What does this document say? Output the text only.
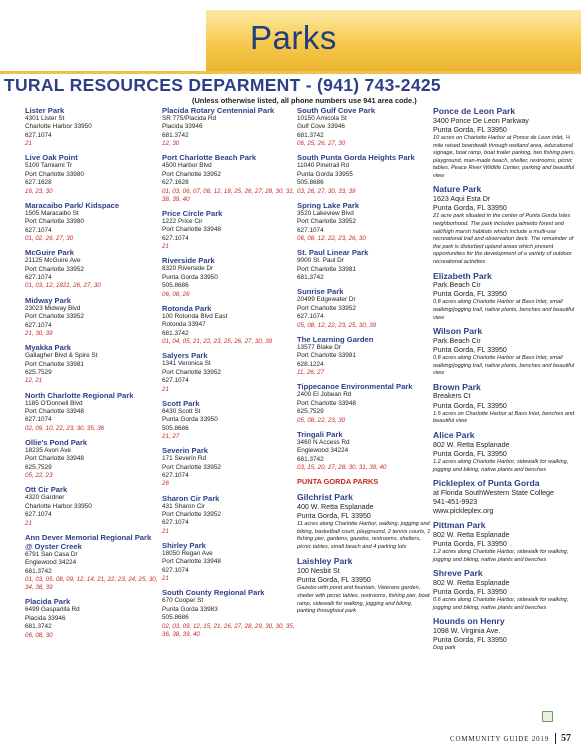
Parks
TURAL RESOURCES DEPARMENT - (941) 743-2425
(Unless otherwise listed, all phone numbers use 941 area code.)
Lister Park
4301 Lister St
Charlotte Harbor 33950
627.1074
21
Live Oak Point
5100 Tamiami Tr
Port Charlotte 33980
627.1628
16, 23, 30
Maracaibo Park/ Kidspace
1505 Maracaibo St
Port Charlotte 33980
627.1074
01, 02, 26, 27, 30
McGuire Park
21125 McGuire Ave
Port Charlotte 33952
627.1074
01, 03, 12, 1821, 26, 27, 30
Midway Park
23023 Midway Blvd
Port Charlotte 33952
627.1074
21, 30, 39
Myakka Park
Gallagher Blvd & Spire St
Port Charlotte 33981
625.7529
12, 21
North Charlotte Regional Park
1185 O'Donnell Blvd
Port Charlotte 33948
627.1074
02, 09, 10, 22, 23, 30, 35, 36
Ollie's Pond Park
18235 Avon Ave
Port Charlotte 33948
625.7529
05, 22, 23
Ott Cir Park
4320 Gardner
Charlotte Harbor 33950
627.1074
21
Ann Dever Memorial Regional Park @ Oyster Creek
6791 San Casa Dr
Englewood 34224
681.3742
01, 03, 05, 08, 09, 12, 14, 21, 22, 23, 24, 25, 30, 34, 38, 39
Placida Park
6499 Gasparilla Rd
Placida 33946
681.3742
06, 08, 30
Placida Rotary Centennial Park
SR 775/Placida Rd
Placida 33946
681.3742
12, 30
Port Charlotte Beach Park
4500 Harbor Blvd
Port Charlotte 33952
627.1628
01, 03, 06, 07, 08, 12, 18, 25, 26, 27, 28, 30, 31, 38, 39, 40
Price Circle Park
1222 Price Cir
Port Charlotte 33948
627.1074
21
Riverside Park
8320 Riverside Dr
Punta Gorda 33950
505.8686
06, 08, 26
Rotonda Park
100 Rotonda Blvd East
Rotonda 33947
681.3742
01, 04, 05, 21, 22, 23, 25, 26, 27, 30, 39
Salyers Park
1341 Veronica St
Port Charlotte 33952
627.1074
21
Scott Park
6430 Scott St
Punta Gorda 33950
505.8686
21, 27
Severin Park
171 Severin Rd
Port Charlotte 33952
627.1074
26
Sharon Cir Park
431 Sharon Cir
Port Charlotte 33952
627.1074
21
Shirley Park
18050 Regan Ave
Port Charlotte 33948
627.1074
21
South County Regional Park
670 Cooper St
Punta Gorda 33983
505.8686
02, 03, 09, 12, 15, 21, 26, 27, 28, 29, 30, 30, 35, 36, 38, 39, 40
South Gulf Cove Park
10150 Amicola St
Gulf Cove 33946
681.3742
06, 25, 26, 27, 30
South Punta Gorda Heights Park
11040 Pinetrail Rd
Punta Gorda 33955
505.8686
03, 26, 27, 30, 33, 39
Spring Lake Park
3520 Lakeview Blvd
Port Charlotte 33952
627.1074
06, 08, 12, 22, 23, 26, 30
St. Paul Linear Park
9000 St. Paul Dr
Port Charlotte 33981
681.3742
Sunrise Park
20499 Edgewater Dr
Port Charlotte 33952
627.1074
05, 08, 12, 22, 23, 25, 30, 39
The Learning Garden
13577 Blake Dr
Port Charlotte 33981
628.1224
11, 26, 27
Tippecanoe Environmental Park
2400 El Jobean Rd
Port Charlotte 33948
625.7529
05, 08, 22, 23, 30
Tringali Park
3460 N Access Rd
Englewood 34224
681.3742
03, 15, 20, 27, 28, 30, 31, 39, 40
PUNTA GORDA PARKS
Gilchrist Park
400 W. Retta Esplanade
Punta Gorda, FL 33950
11 acres along Charlotte Harbor, walking, jogging and biking, basketball court, playground, 2 tennis courts, 1 fishing pier, gardens, gazebo, restrooms, shelters, picnic tables, small beach and 4 parking lots
Laishley Park
100 Nesbit St
Punta Gorda, FL 33950
Gazebo with pond and fountain, Veterans garden, shelter with picnic tables, restrooms, fishing pier, boat ramp, sidewalk for walking, jogging and biking, parking throughout park
Ponce de Leon Park
3400 Ponce De Leon Parkway
Punta Gorda, FL 33950
10 acres on Charlotte Harbor at Ponce de Leon inlet, ¼ mile raised boardwalk through wetland area, educational signage, boat ramp, boat trailer parking, two fishing piers, playground, man-made beach, shelter, restrooms, picnic tables, Peace River Wildlife Center, parking and beautiful view
Nature Park
1623 Aqui Esta Dr
Punta Gorda, FL 33950
21 acre park situated in the center of Punta Gorda Isles neighborhood. The park includes palmetto forest and salt/high marsh habitats which include a multi-use recreational trail and observation deck. The remainder of the park is disturbed upland areas which present opportunities for the development of a variety of outdoor recreational activities
Elizabeth Park
Park Beach Cir
Punta Gorda, FL 33950
0.8 acres along Charlotte Harbor at Bass Inlet, small walking/jogging trail, native plants, benches and beautiful view
Wilson Park
Park Beach Cir
Punta Gorda, FL 33950
0.8 acres along Charlotte Harbor at Bass Inlet, small walking/jogging trail, native plants, benches and beautiful view
Brown Park
Breakers Ct
Punta Gorda, FL 33950
1.5 acres on Charlotte Harbor at Bass Inlet, benches and beautiful view
Alice Park
802 W. Retta Esplanade
Punta Gorda, FL 33950
1.2 acres along Charlotte Harbor, sidewalk for walking, jogging and biking, native plants and benches
Pickleplex of Punta Gorda
at Florida SouthWestern State College
941-451-9923
www.pickleplex.org
Pittman Park
802 W. Retta Esplanade
Punta Gorda, FL 33950
1.2 acres along Charlotte Harbor, sidewalk for walking, jogging and biking, native plants and benches
Shreve Park
802 W. Retta Esplanade
Punta Gorda, FL 33950
0.6 acres along Charlotte Harbor, sidewalk for walking, jogging and biking, native plants and benches
Hounds on Henry
1098 W. Virginia Ave.
Punta Gorda, FL 33950
Dog park
COMMUNITY GUIDE 2019 57
